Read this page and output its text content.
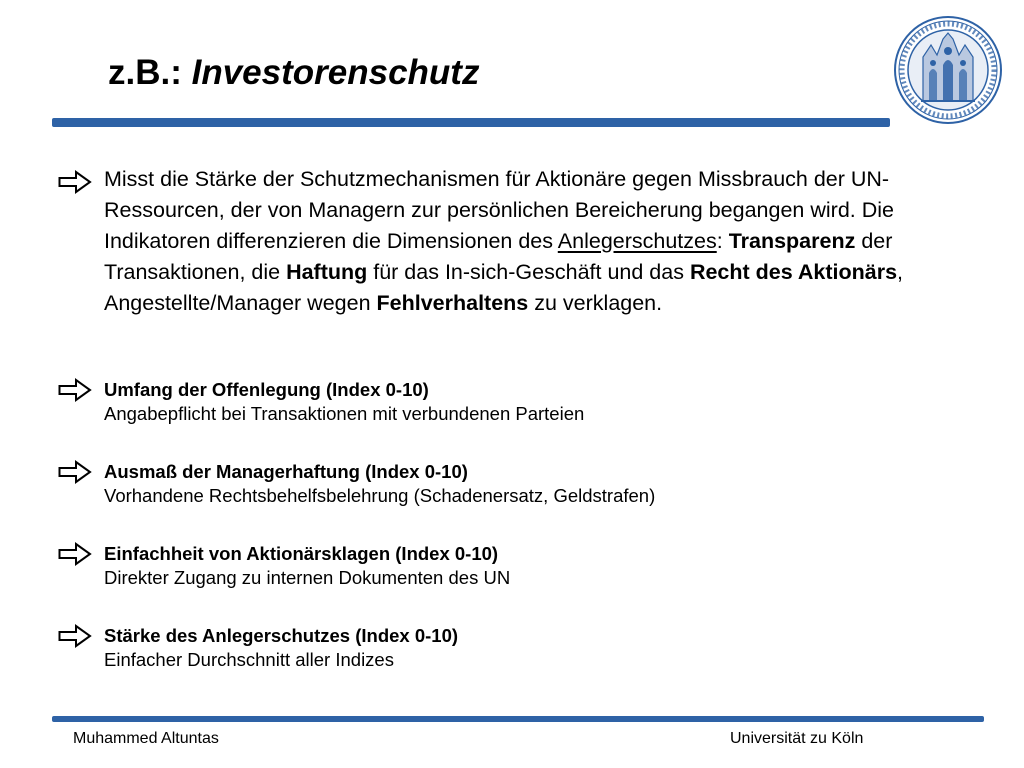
z.B.: Investorenschutz
Misst die Stärke der Schutzmechanismen für Aktionäre gegen Missbrauch der UN-Ressourcen, der von Managern zur persönlichen Bereicherung begangen wird. Die Indikatoren differenzieren die Dimensionen des Anlegerschutzes: Transparenz der Transaktionen, die Haftung für das In-sich-Geschäft und das Recht des Aktionärs, Angestellte/Manager wegen Fehlverhaltens zu verklagen.
Umfang der Offenlegung (Index 0-10)
Angabepflicht bei Transaktionen mit verbundenen Parteien
Ausmaß der Managerhaftung (Index 0-10)
Vorhandene Rechtsbehelfsbelehrung (Schadenersatz, Geldstrafen)
Einfachheit von Aktionärsklagen (Index 0-10)
Direkter Zugang zu internen Dokumenten des UN
Stärke des Anlegerschutzes (Index 0-10)
Einfacher Durchschnitt aller Indizes
Muhammed Altuntas	Universität zu Köln
